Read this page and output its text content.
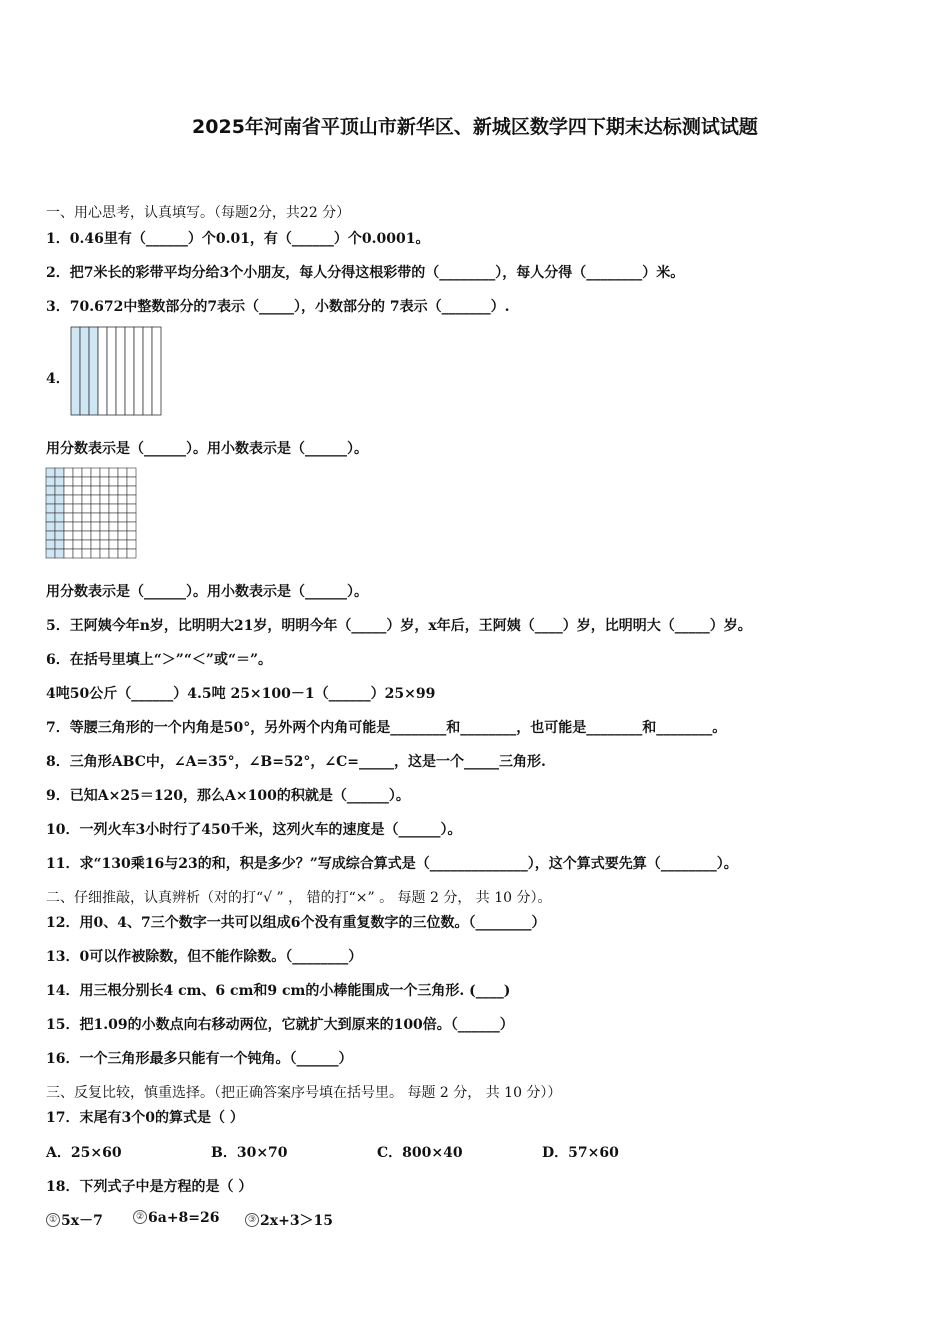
2025年河南省平顶山市新华区、新城区数学四下期末达标测试试题
一、用心思考，认真填写。（每题2分，共22 分）
1．0.46里有（______）个0.01，有（______）个0.0001。
2．把7米长的彩带平均分给3个小朋友，每人分得这根彩带的（________），每人分得（________）米。
3．70.672中整数部分的7表示（_____），小数部分的 7表示（_______）.
4．
用分数表示是（______）。用小数表示是（______）。
用分数表示是（______）。用小数表示是（______）。
5．王阿姨今年n岁，比明明大21岁，明明今年（_____）岁，x年后，王阿姨（____）岁，比明明大（_____）岁。
6．在括号里填上“＞”“＜”或“＝”。
4吨50公斤（______）4.5吨 25×100－1（______）25×99
7．等腰三角形的一个内角是50°，另外两个内角可能是________和________，也可能是________和________。
8．三角形ABC中，∠A=35°，∠B=52°，∠C=_____，这是一个_____三角形.
9．已知A×25＝120，那么A×100的积就是（______）。
10．一列火车3小时行了450千米，这列火车的速度是（______）。
11．求“130乘16与23的和，积是多少？”写成综合算式是（______________），这个算式要先算（________）。
二、仔细推敲，认真辨析（对的打“√ ” ， 错的打“×” 。 每题 2 分， 共 10 分）。
12．用0、4、7三个数字一共可以组成6个没有重复数字的三位数。（________）
13．0可以作被除数，但不能作除数。（________）
14．用三根分别长4 cm、6 cm和9 cm的小棒能围成一个三角形. (____)
15．把1.09的小数点向右移动两位，它就扩大到原来的100倍。（______）
16．一个三角形最多只能有一个钝角。（______）
三、反复比较，慎重选择。（把正确答案序号填在括号里。 每题 2 分， 共 10 分））
17．末尾有3个0的算式是（ ）
A．25×60	B．30×70	C．800×40	D．57×60
18．下列式子中是方程的是（ ）
① 5x－7	② 6a+8=26	③ 2x+3＞15
